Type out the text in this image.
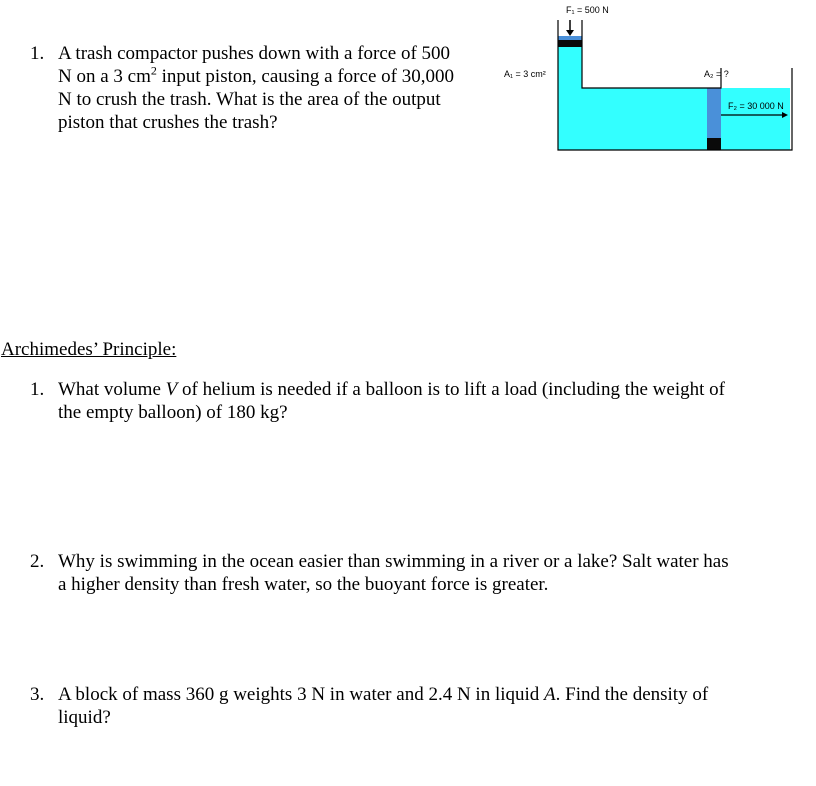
1. A trash compactor pushes down with a force of 500
N on a 3 $cm^2$ input piston, causing a force of 30,000
N to crush the trash. What is the area of the output
piston that crushes the trash?
F₁ = 500 N
A₁ = 3 cm²	A₂ = ?
F₂ = 30 000 N
Archimedes’ Principle:
1. What volume V of helium is needed if a balloon is to lift a load (including the weight of
the empty balloon) of 180 kg?
2. Why is swimming in the ocean easier than swimming in a river or a lake? Salt water has
a higher density than fresh water, so the buoyant force is greater.
3. A block of mass 360 g weights 3 N in water and 2.4 N in liquid A. Find the density of
liquid?
